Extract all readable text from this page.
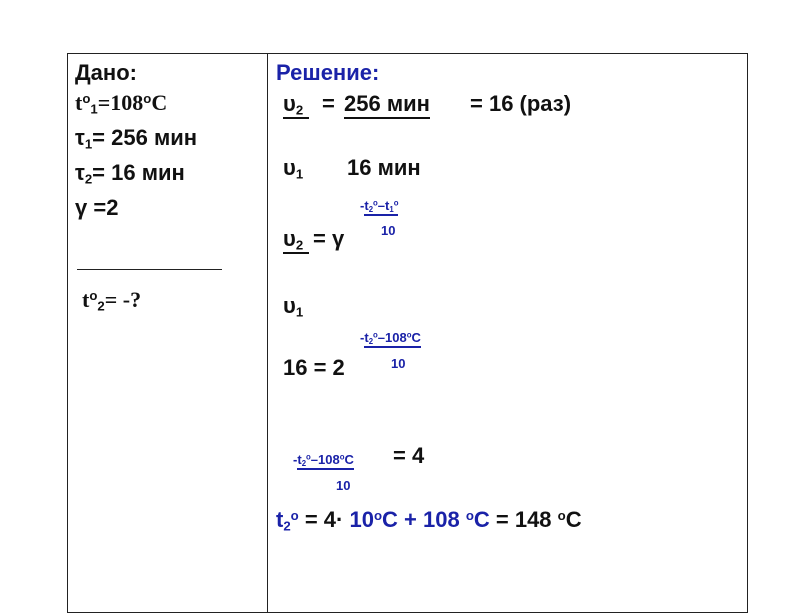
Дано:
$t^o_1=108^oC$
$\tau_1= 256$ мин
$\tau_2= 16$ мин
γ =2
$t^o_2=$ -?
Решение:
$\upsilon_2 = 256$ мин = 16 (раз)
$\upsilon_1$ 16 мин
$-t_2^o-t_1^o$
10
$\upsilon_2 = \gamma$
$\upsilon_1$
$-t_2^o-108^oC$
10
16 = 2
$-t_2^o-108^oC$
10
= 4
$t_2^o = 4\cdot 10^oC + 108$ $^o$C = 148 $^o$C
